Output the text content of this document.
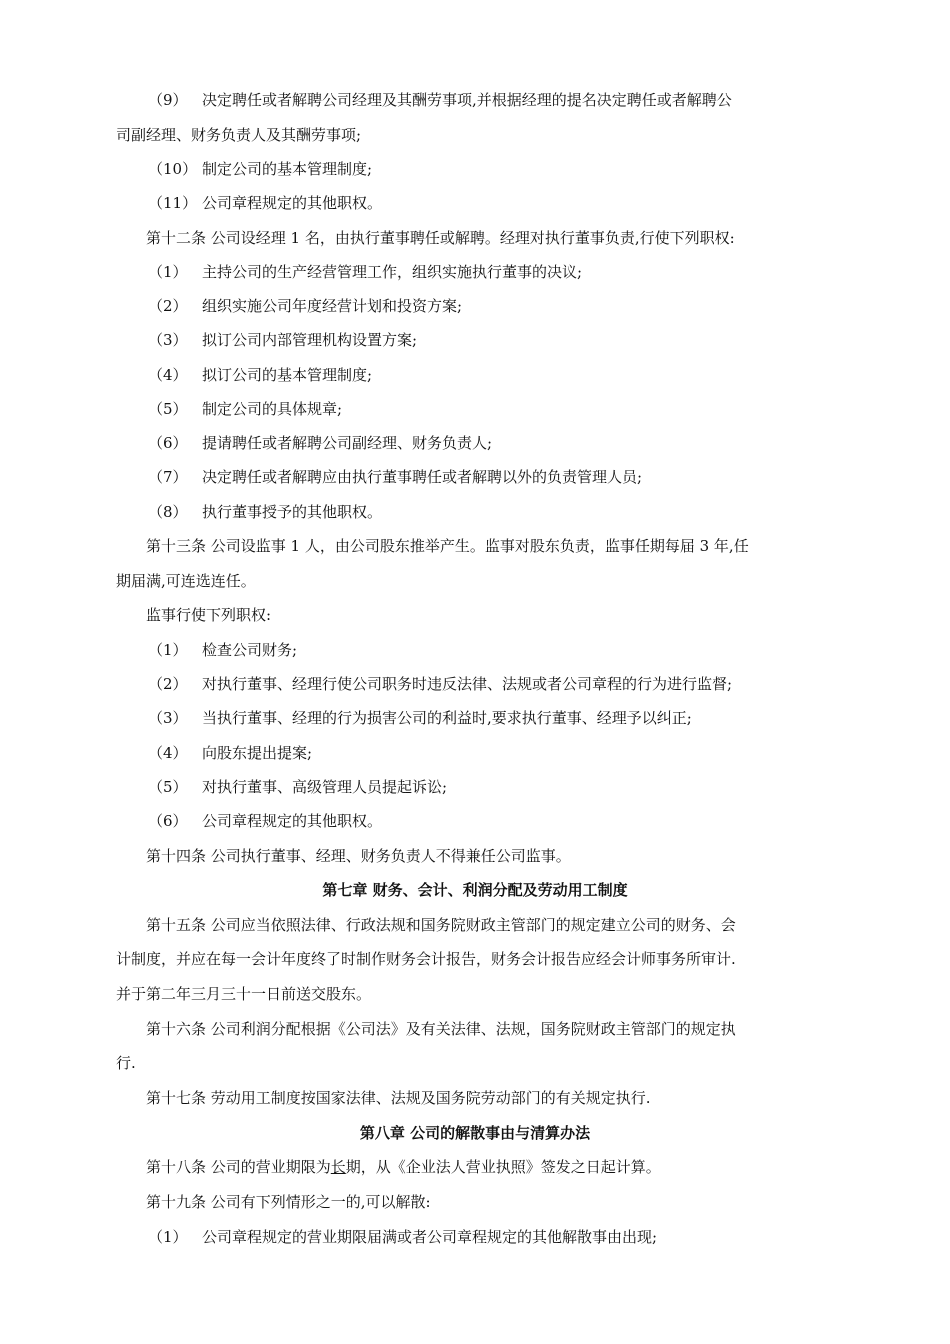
（9） 决定聘任或者解聘公司经理及其酬劳事项,并根据经理的提名决定聘任或者解聘公
司副经理、财务负责人及其酬劳事项;
（10） 制定公司的基本管理制度;
（11） 公司章程规定的其他职权。
第十二条 公司设经理 1 名，由执行董事聘任或解聘。经理对执行董事负责,行使下列职权:
（1） 主持公司的生产经营管理工作，组织实施执行董事的决议;
（2） 组织实施公司年度经营计划和投资方案;
（3） 拟订公司内部管理机构设置方案;
（4） 拟订公司的基本管理制度;
（5） 制定公司的具体规章;
（6） 提请聘任或者解聘公司副经理、财务负责人;
（7） 决定聘任或者解聘应由执行董事聘任或者解聘以外的负责管理人员;
（8） 执行董事授予的其他职权。
第十三条 公司设监事 1 人，由公司股东推举产生。监事对股东负责，监事任期每届 3 年,任
期届满,可连选连任。
监事行使下列职权:
（1） 检查公司财务;
（2） 对执行董事、经理行使公司职务时违反法律、法规或者公司章程的行为进行监督;
（3） 当执行董事、经理的行为损害公司的利益时,要求执行董事、经理予以纠正;
（4） 向股东提出提案;
（5） 对执行董事、高级管理人员提起诉讼;
（6） 公司章程规定的其他职权。
第十四条 公司执行董事、经理、财务负责人不得兼任公司监事。
第七章 财务、会计、利润分配及劳动用工制度
第十五条 公司应当依照法律、行政法规和国务院财政主管部门的规定建立公司的财务、会
计制度，并应在每一会计年度终了时制作财务会计报告，财务会计报告应经会计师事务所审计.
并于第二年三月三十一日前送交股东。
第十六条 公司利润分配根据《公司法》及有关法律、法规，国务院财政主管部门的规定执
行.
第十七条 劳动用工制度按国家法律、法规及国务院劳动部门的有关规定执行.
第八章 公司的解散事由与清算办法
第十八条 公司的营业期限为长期，从《企业法人营业执照》签发之日起计算。
第十九条 公司有下列情形之一的,可以解散:
（1） 公司章程规定的营业期限届满或者公司章程规定的其他解散事由出现;
